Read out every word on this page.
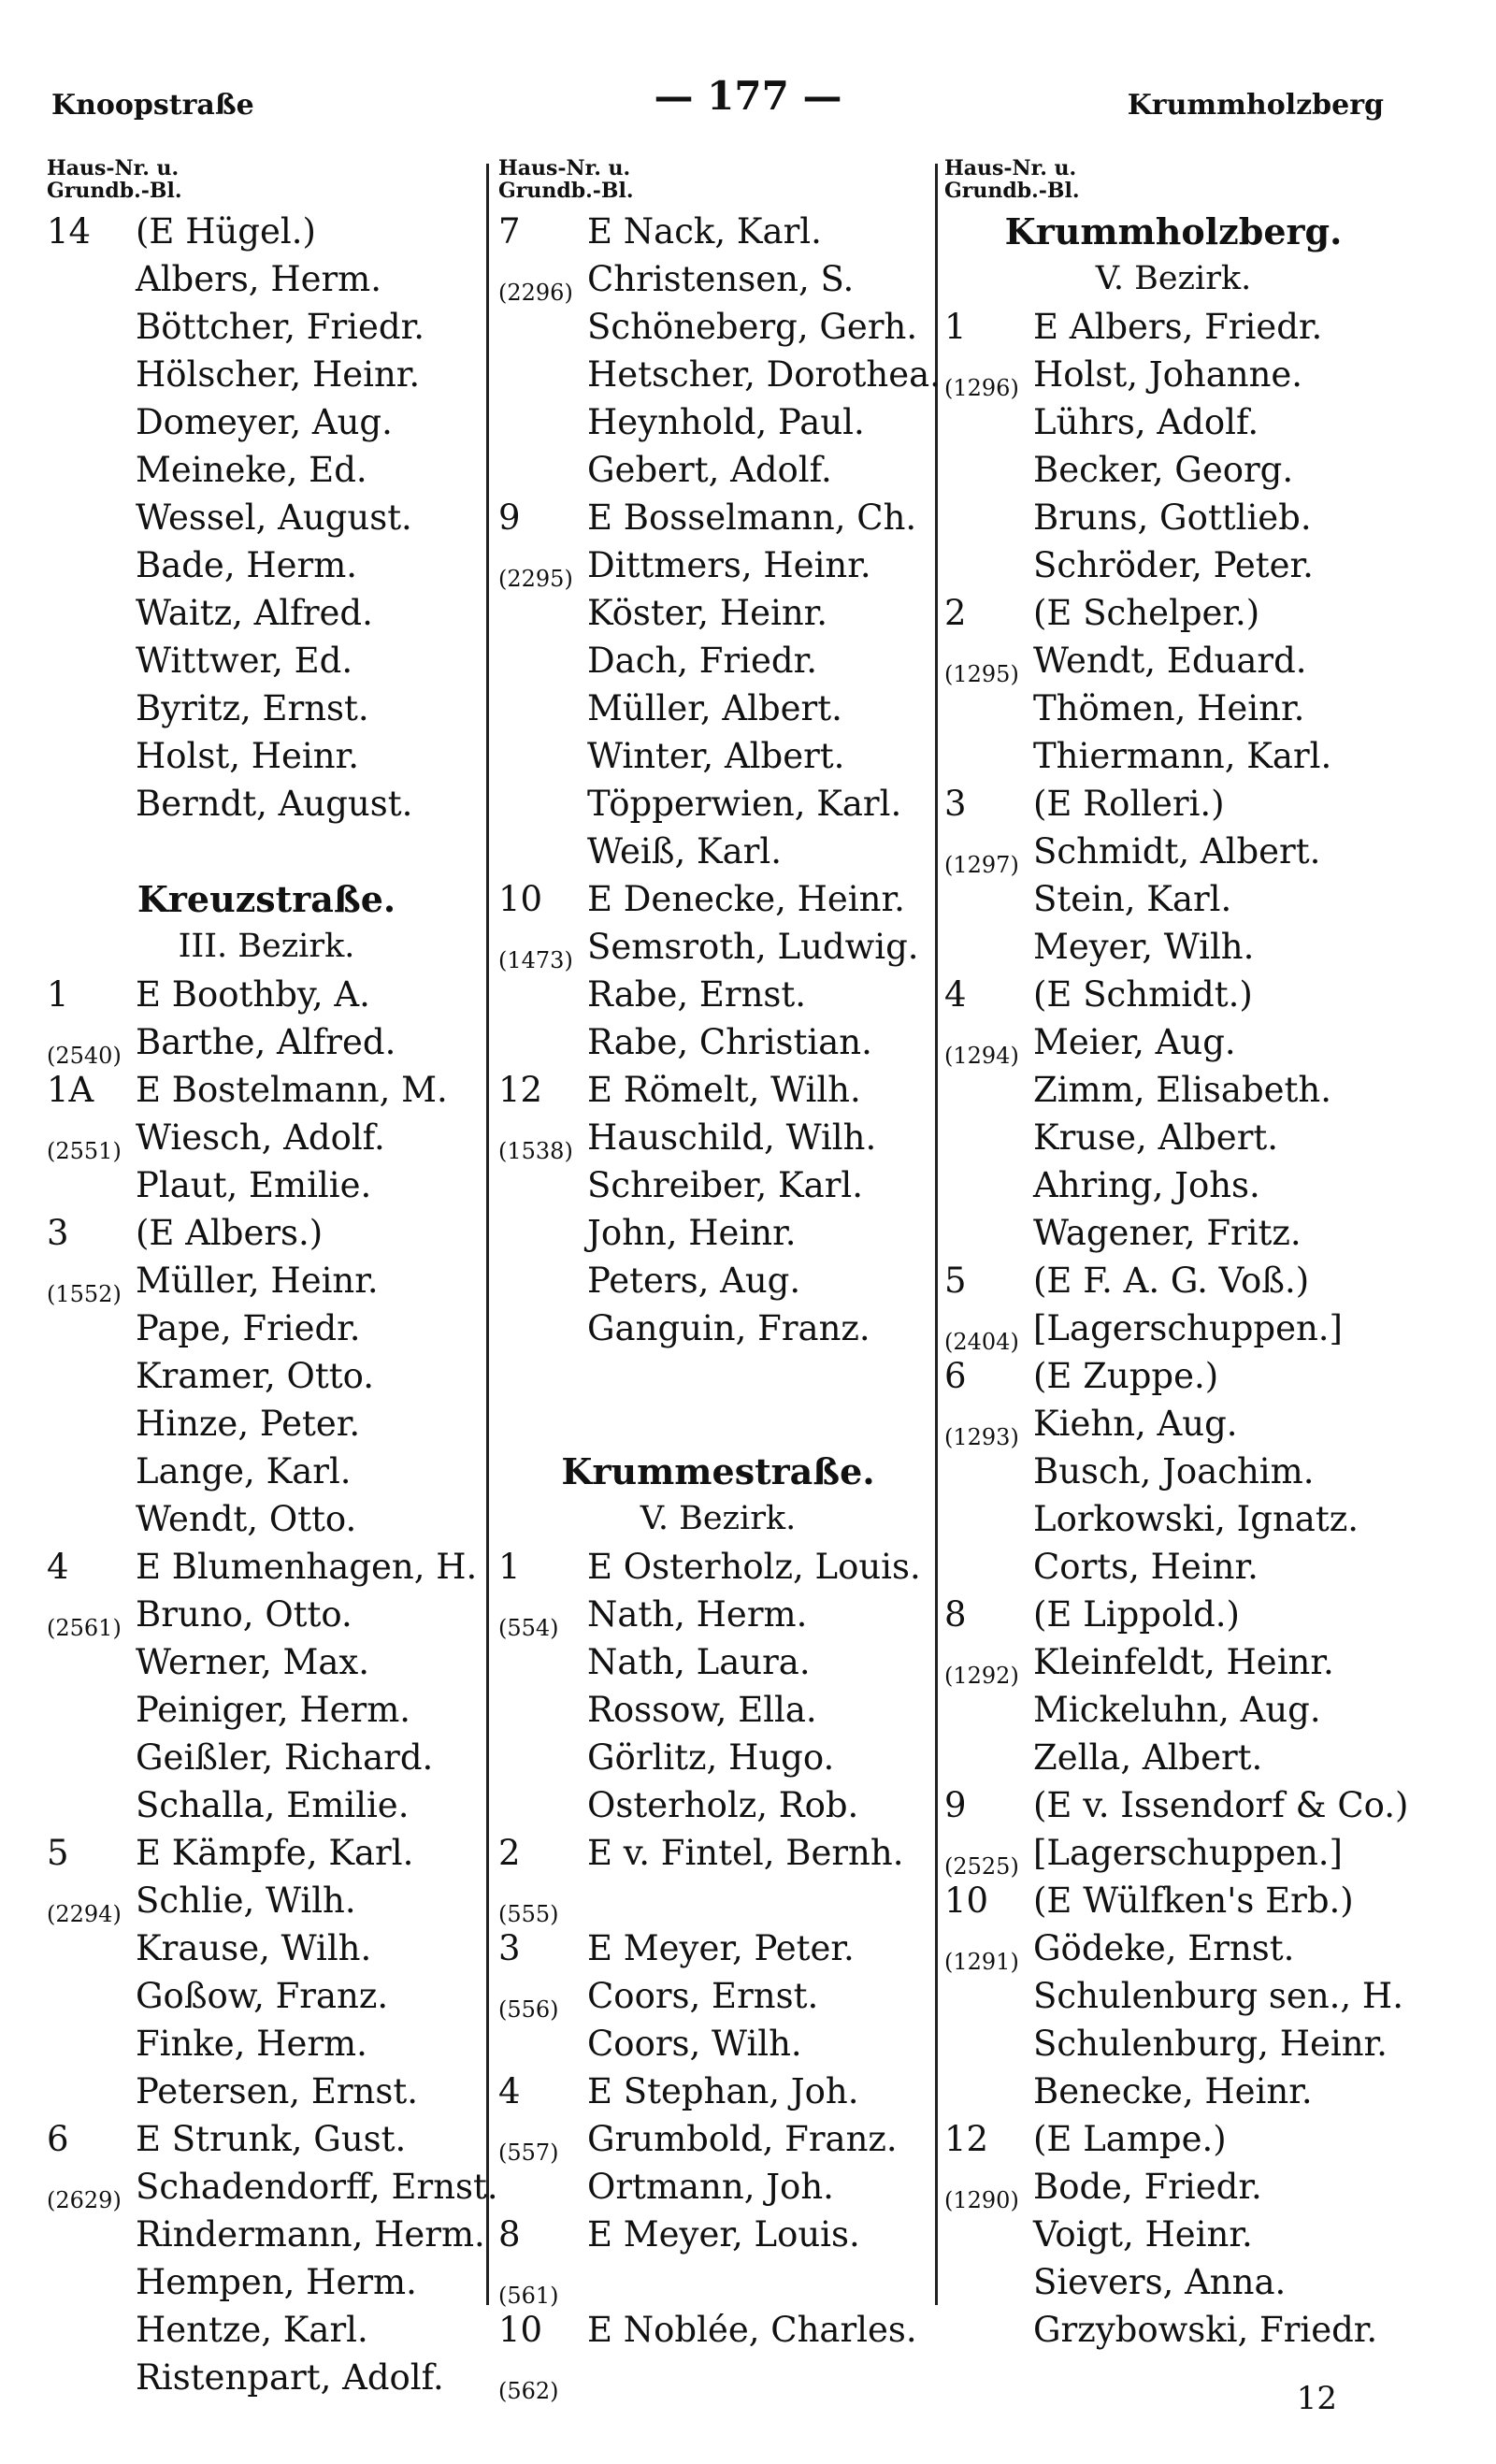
Knoopstraße	— 177 —	Krummholzberg
Haus-Nr. u.
Grundb.-Bl.
14	(E Hügel.)
Albers, Herm.
Böttcher, Friedr.
Hölscher, Heinr.
Domeyer, Aug.
Meineke, Ed.
Wessel, August.
Bade, Herm.
Waitz, Alfred.
Wittwer, Ed.
Byritz, Ernst.
Holst, Heinr.
Berndt, August.
Kreuzstraße.
III. Bezirk.
1	E Boothby, A.
(2540) Barthe, Alfred.
1A	E Bostelmann, M.
(2551) Wiesch, Adolf.
Plaut, Emilie.
3	(E Albers.)
(1552) Müller, Heinr.
Pape, Friedr.
Kramer, Otto.
Hinze, Peter.
Lange, Karl.
Wendt, Otto.
4	E Blumenhagen, H.
(2561) Bruno, Otto.
Werner, Max.
Peiniger, Herm.
Geißler, Richard.
Schalla, Emilie.
5	E Kämpfe, Karl.
(2294) Schlie, Wilh.
Krause, Wilh.
Goßow, Franz.
Finke, Herm.
Petersen, Ernst.
6	E Strunk, Gust.
(2629) Schadendorff, Ernst.
Rindermann, Herm.
Hempen, Herm.
Hentze, Karl.
Ristenpart, Adolf.
Haus-Nr. u.
Grundb.-Bl.
7	E Nack, Karl.
(2296) Christensen, S.
Schöneberg, Gerh.
Hetscher, Dorothea.
Heynhold, Paul.
Gebert, Adolf.
9	E Bosselmann, Ch.
(2295) Dittmers, Heinr.
Köster, Heinr.
Dach, Friedr.
Müller, Albert.
Winter, Albert.
Töpperwien, Karl.
Weiß, Karl.
10	E Denecke, Heinr.
(1473) Semsroth, Ludwig.
Rabe, Ernst.
Rabe, Christian.
12	E Römelt, Wilh.
(1538) Hauschild, Wilh.
Schreiber, Karl.
John, Heinr.
Peters, Aug.
Ganguin, Franz.
Krummestraße.
V. Bezirk.
1	E Osterholz, Louis.
(554) Nath, Herm.
Nath, Laura.
Rossow, Ella.
Görlitz, Hugo.
Osterholz, Rob.
2	E v. Fintel, Bernh.
(555)
3	E Meyer, Peter.
(556) Coors, Ernst.
Coors, Wilh.
4	E Stephan, Joh.
(557) Grumbold, Franz.
Ortmann, Joh.
8	E Meyer, Louis.
(561)
10	E Noblée, Charles.
(562)
Haus-Nr. u.
Grundb.-Bl.
Krummholzberg.
V. Bezirk.
1	E Albers, Friedr.
(1296) Holst, Johanne.
Lührs, Adolf.
Becker, Georg.
Bruns, Gottlieb.
Schröder, Peter.
2	(E Schelper.)
(1295) Wendt, Eduard.
Thömen, Heinr.
Thiermann, Karl.
3	(E Rolleri.)
(1297) Schmidt, Albert.
Stein, Karl.
Meyer, Wilh.
4	(E Schmidt.)
(1294) Meier, Aug.
Zimm, Elisabeth.
Kruse, Albert.
Ahring, Johs.
Wagener, Fritz.
5	(E F. A. G. Voß.)
(2404) [Lagerschuppen.]
6	(E Zuppe.)
(1293) Kiehn, Aug.
Busch, Joachim.
Lorkowski, Ignatz.
Corts, Heinr.
8	(E Lippold.)
(1292) Kleinfeldt, Heinr.
Mickeluhn, Aug.
Zella, Albert.
9	(E v. Issendorf & Co.)
(2525) [Lagerschuppen.]
10	(E Wülfken's Erb.)
(1291) Gödeke, Ernst.
Schulenburg sen., H.
Schulenburg, Heinr.
Benecke, Heinr.
12	(E Lampe.)
(1290) Bode, Friedr.
Voigt, Heinr.
Sievers, Anna.
Grzybowski, Friedr.
12
